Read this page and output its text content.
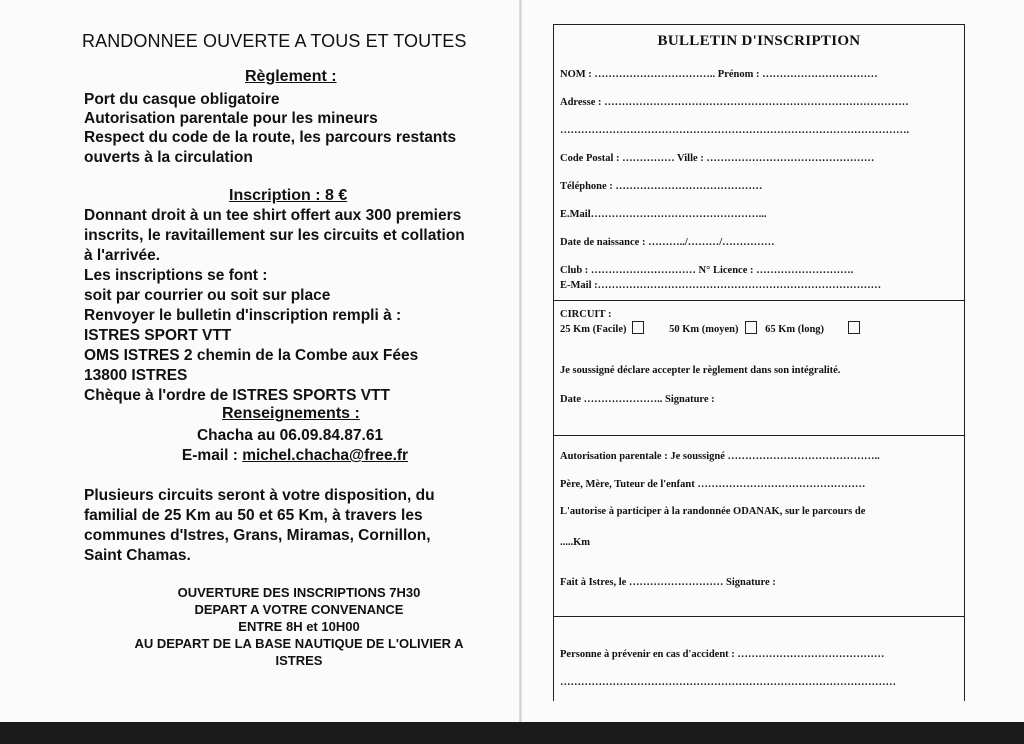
RANDONNEE OUVERTE A TOUS ET TOUTES
Règlement :
Port du casque obligatoire
Autorisation parentale pour les mineurs
Respect du code de la route, les parcours restants
ouverts à la circulation
Inscription : 8 €
Donnant droit à un tee shirt offert aux 300 premiers
inscrits, le ravitaillement sur les circuits et collation
à l'arrivée.
Les inscriptions se font :
soit par courrier ou soit sur place
Renvoyer le bulletin d'inscription rempli à :
ISTRES SPORT VTT
OMS ISTRES 2 chemin de la Combe aux Fées
13800 ISTRES
Chèque à l'ordre de ISTRES SPORTS VTT
Renseignements :
Chacha au 06.09.84.87.61
E-mail : michel.chacha@free.fr
Plusieurs circuits seront à votre disposition, du
familial de 25 Km au 50 et 65 Km, à travers les
communes d'Istres, Grans, Miramas, Cornillon,
Saint Chamas.
OUVERTURE DES INSCRIPTIONS 7H30
DEPART A VOTRE CONVENANCE
ENTRE 8H et 10H00
AU DEPART DE LA BASE NAUTIQUE DE L'OLIVIER A
ISTRES
BULLETIN D'INSCRIPTION
NOM : …………………………….. Prénom : ……………………………
Adresse : ……………………………………………………………………………
……………………………………………………………………………………….
Code Postal : …………… Ville : …………………………………………
Téléphone : ……………………………………
E.Mail…………………………………………...
Date de naissance : ………../………/……………
Club : ………………………… N° Licence : ……………………….
E-Mail :………………………………………………………………………
CIRCUIT :
25 Km (Facile)	50 Km (moyen)	65 Km (long)
Je soussigné déclare accepter le règlement dans son intégralité.
Date ………………….. Signature :
Autorisation parentale : Je soussigné ……………………………………..
Père, Mère, Tuteur de l'enfant …………………………………………
L'autorise à participer à la randonnée ODANAK, sur le parcours de
.....Km
Fait à Istres, le ……………………… Signature :
Personne à prévenir en cas d'accident : ……………………………………
……………………………………………………………………………………
